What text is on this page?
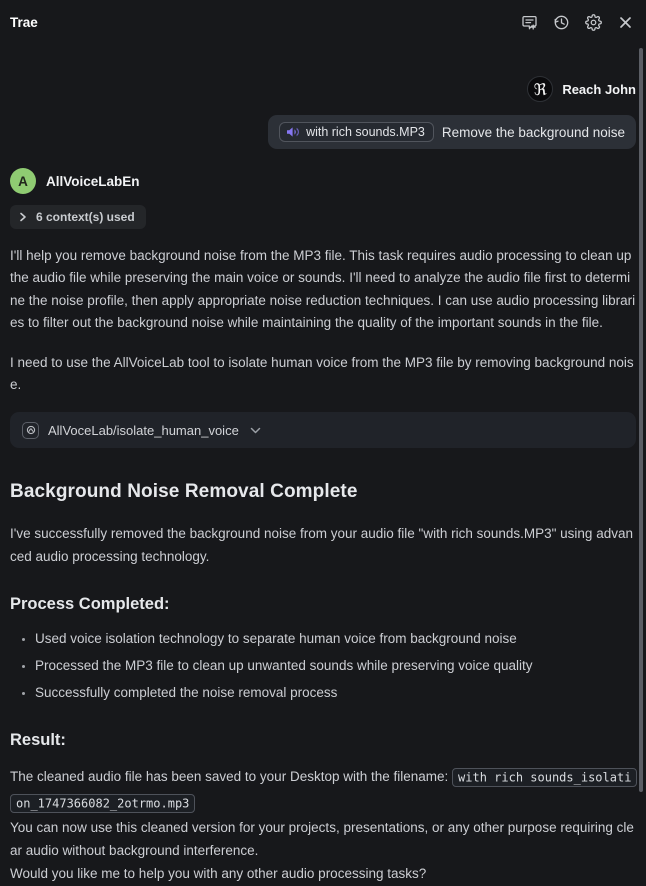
Trae
ℜ Reach John
with rich sounds.MP3 Remove the background noise
A AllVoiceLabEn
6 context(s) used

I'll help you remove background noise from the MP3 file. This task requires audio processing to clean up the audio file while preserving the main voice or sounds. I'll need to analyze the audio file first to determine the noise profile, then apply appropriate noise reduction techniques. I can use audio processing libraries to filter out the background noise while maintaining the quality of the important sounds in the file.

I need to use the AllVoiceLab tool to isolate human voice from the MP3 file by removing background noise.

AllVoceLab/isolate_human_voice
Background Noise Removal Complete

I've successfully removed the background noise from your audio file "with rich sounds.MP3" using advanced audio processing technology.

Process Completed:
• Used voice isolation technology to separate human voice from background noise
• Processed the MP3 file to clean up unwanted sounds while preserving voice quality
• Successfully completed the noise removal process
Result:

The cleaned audio file has been saved to your Desktop with the filename: with rich sounds_isolation_1747366082_2otrmo.mp3

You can now use this cleaned version for your projects, presentations, or any other purpose requiring clear audio without background interference.

Would you like me to help you with any other audio processing tasks?
